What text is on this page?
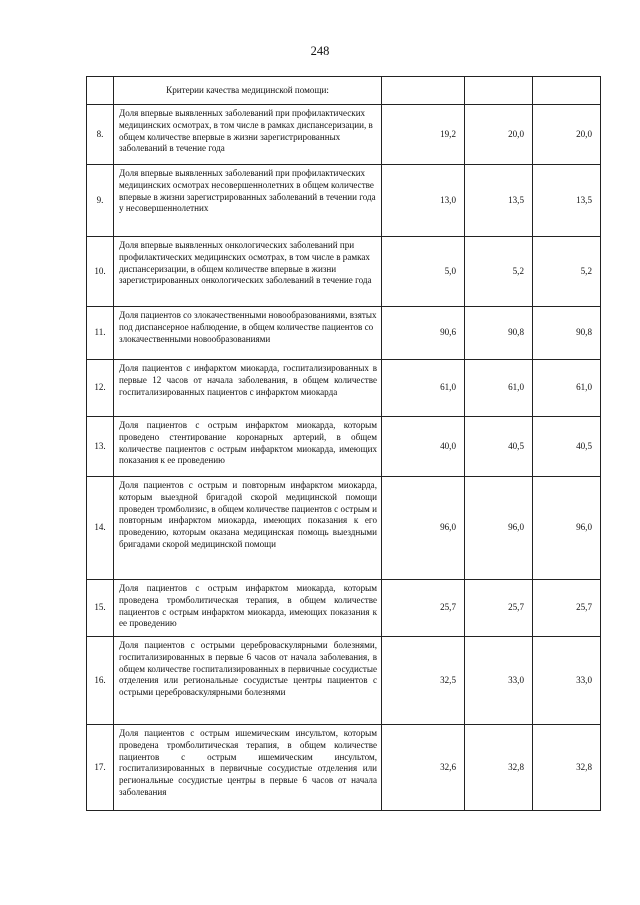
248
	Критерии качества медицинской помощи:			
8.	Доля впервые выявленных заболеваний при профилактических медицинских осмотрах, в том числе в рамках диспансеризации, в общем количестве впервые в жизни зарегистрированных заболеваний в течение года	19,2	20,0	20,0
9.	Доля впервые выявленных заболеваний при профилактических медицинских осмотрах несовершеннолетних в общем количестве впервые в жизни зарегистрированных заболеваний в течении года у несовершеннолетних	13,0	13,5	13,5
10.	Доля впервые выявленных онкологических заболеваний при профилактических медицинских осмотрах, в том числе в рамках диспансеризации, в общем количестве впервые в жизни зарегистрированных онкологических заболеваний в течение года	5,0	5,2	5,2
11.	Доля пациентов со злокачественными новообразованиями, взятых под диспансерное наблюдение, в общем количестве пациентов со злокачественными новообразованиями	90,6	90,8	90,8
12.	Доля пациентов с инфарктом миокарда, госпитализированных в первые 12 часов от начала заболевания, в общем количестве госпитализированных пациентов с инфарктом миокарда	61,0	61,0	61,0
13.	Доля пациентов с острым инфарктом миокарда, которым проведено стентирование коронарных артерий, в общем количестве пациентов с острым инфарктом миокарда, имеющих показания к ее проведению	40,0	40,5	40,5
14.	Доля пациентов с острым и повторным инфарктом миокарда, которым выездной бригадой скорой медицинской помощи проведен тромболизис, в общем количестве пациентов с острым и повторным инфарктом миокарда, имеющих показания к его проведению, которым оказана медицинская помощь выездными бригадами скорой медицинской помощи	96,0	96,0	96,0
15.	Доля пациентов с острым инфарктом миокарда, которым проведена тромболитическая терапия, в общем количестве пациентов с острым инфарктом миокарда, имеющих показания к ее проведению	25,7	25,7	25,7
16.	Доля пациентов с острыми цереброваскулярными болезнями, госпитализированных в первые 6 часов от начала заболевания, в общем количестве госпитализированных в первичные сосудистые отделения или региональные сосудистые центры пациентов с острыми цереброваскулярными болезнями	32,5	33,0	33,0
17.	Доля пациентов с острым ишемическим инсультом, которым проведена тромболитическая терапия, в общем количестве пациентов с острым ишемическим инсультом, госпитализированных в первичные сосудистые отделения или региональные сосудистые центры в первые 6 часов от начала заболевания	32,6	32,8	32,8
